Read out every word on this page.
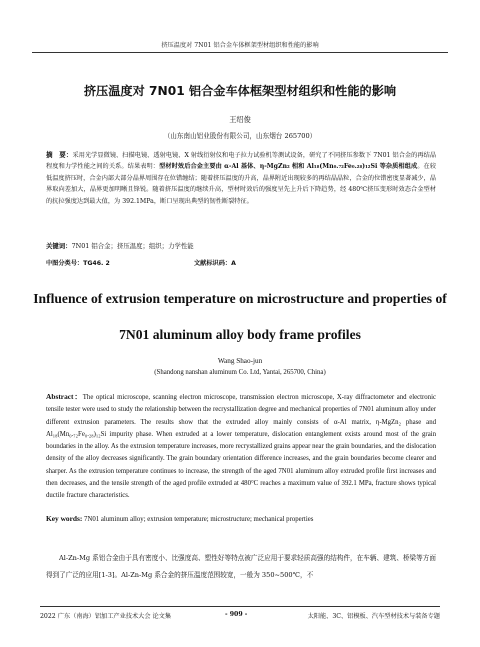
挤压温度对 7N01 铝合金车体框架型材组织和性能的影响
挤压温度对 7N01 铝合金车体框架型材组织和性能的影响
王绍俊
（山东南山铝业股份有限公司，山东烟台 265700）
摘　要：采用光学显微镜、扫描电镜、透射电镜、X 射线衍射仪和电子拉力试验机等测试设备，研究了不同挤压参数下 7N01 铝合金的再结晶程度和力学性能之间的关系。结果表明：型材时效后合金主要由 α-Al 基体、η-MgZn₂ 相和 Al₁₈(Mn₀.₇₂Fe₀.₂₈)₁₂Si 等杂质相组成。在较低温度挤压时，合金内部大部分晶界周围存在位错缠结；随着挤压温度的升高，晶界附近出现较多的再结晶晶粒，合金的位错密度显著减少，晶界取向差加大，晶界更加明晰且锋锐。随着挤压温度的继续升高，型材时效后的强度呈先上升后下降趋势，经 480℃挤压变形时效态合金型材的抗拉强度达到最大值，为 392.1MPa，断口呈现出典型的韧性断裂特征。
关键词：7N01 铝合金；挤压温度；组织；力学性能
中图分类号：TG46. 2	文献标识码：A
Influence of extrusion temperature on microstructure and properties of
7N01 aluminum alloy body frame profiles
Wang Shao-jun
(Shandong nanshan aluminum Co. Ltd, Yantai, 265700, China)
Abstract：The optical microscope, scanning electron microscope, transmission electron microscope, X-ray diffractometer and electronic tensile tester were used to study the relationship between the recrystallization degree and mechanical properties of 7N01 aluminum alloy under different extrusion parameters. The results show that the extruded alloy mainly consists of α-Al matrix, η-MgZn₂ phase and Al₁₈(Mn₀.₇₂Fe₀.₂₈)₁₂Si impurity phase. When extruded at a lower temperature, dislocation entanglement exists around most of the grain boundaries in the alloy. As the extrusion temperature increases, more recrystallized grains appear near the grain boundaries, and the dislocation density of the alloy decreases significantly. The grain boundary orientation difference increases, and the grain boundaries become clearer and sharper. As the extrusion temperature continues to increase, the strength of the aged 7N01 aluminum alloy extruded profile first increases and then decreases, and the tensile strength of the aged profile extruded at 480°C reaches a maximum value of 392.1 MPa, fracture shows typical ductile fracture characteristics.
Key words: 7N01 aluminum alloy; extrusion temperature; microstructure; mechanical properties
Al-Zn-Mg 系铝合金由于具有密度小、比强度高、塑性好等特点被广泛应用于要求轻质高强的结构件，在车辆、建筑、桥梁等方面得到了广泛的应用[1-3]。Al-Zn-Mg 系合金的挤压温度范围较宽，一般为 350~500℃，不
2022 广东（南海）铝加工产业技术大会 论文集	- 909 -	太阳能、3C、铝模板、汽车型材技术与装备专题
